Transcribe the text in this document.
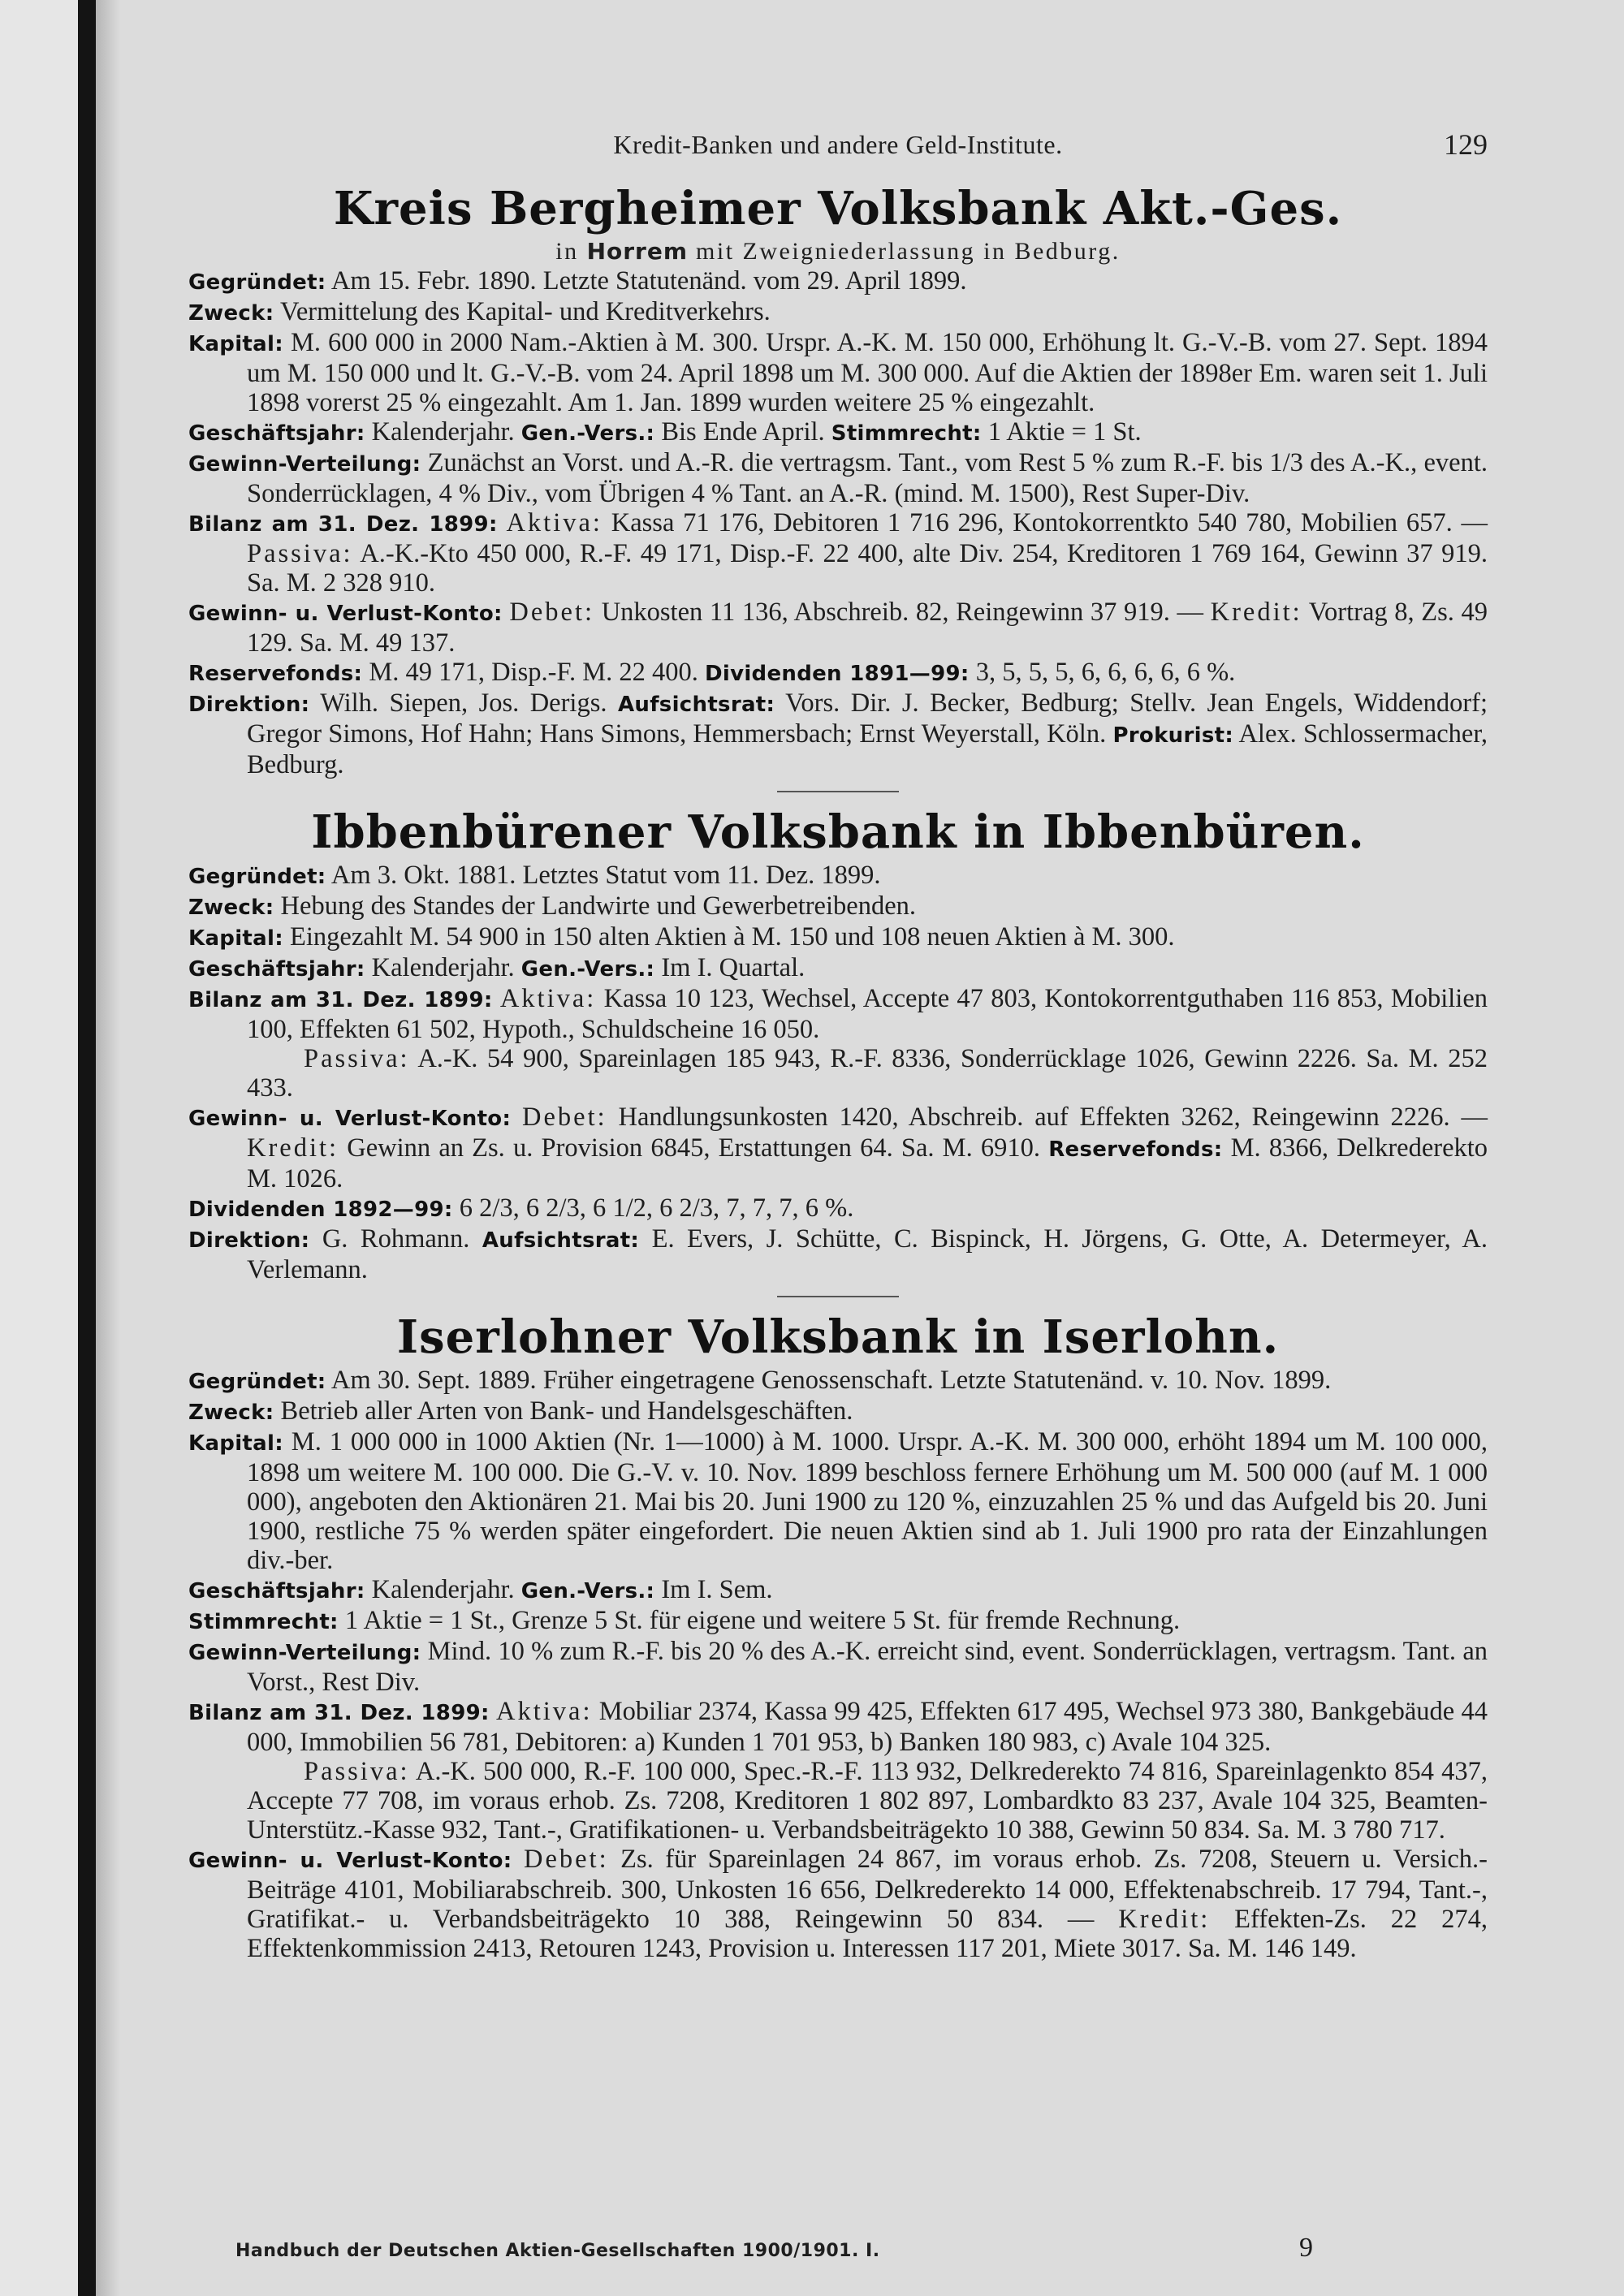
Kredit-Banken und andere Geld-Institute.	129
Kreis Bergheimer Volksbank Akt.-Ges.
in Horrem mit Zweigniederlassung in Bedburg.

Gegründet: Am 15. Febr. 1890. Letzte Statutenänd. vom 29. April 1899.

Zweck: Vermittelung des Kapital- und Kreditverkehrs.

Kapital: M. 600 000 in 2000 Nam.-Aktien à M. 300. Urspr. A.-K. M. 150 000, Erhöhung lt. G.-V.-B. vom 27. Sept. 1894 um M. 150 000 und lt. G.-V.-B. vom 24. April 1898 um M. 300 000. Auf die Aktien der 1898er Em. waren seit 1. Juli 1898 vorerst 25 % eingezahlt. Am 1. Jan. 1899 wurden weitere 25 % eingezahlt.

Geschäftsjahr: Kalenderjahr. Gen.-Vers.: Bis Ende April. Stimmrecht: 1 Aktie = 1 St.

Gewinn-Verteilung: Zunächst an Vorst. und A.-R. die vertragsm. Tant., vom Rest 5 % zum R.-F. bis 1/3 des A.-K., event. Sonderrücklagen, 4 % Div., vom Übrigen 4 % Tant. an A.-R. (mind. M. 1500), Rest Super-Div.

Bilanz am 31. Dez. 1899: Aktiva: Kassa 71 176, Debitoren 1 716 296, Kontokorrentkto 540 780, Mobilien 657. — Passiva: A.-K.-Kto 450 000, R.-F. 49 171, Disp.-F. 22 400, alte Div. 254, Kreditoren 1 769 164, Gewinn 37 919. Sa. M. 2 328 910.

Gewinn- u. Verlust-Konto: Debet: Unkosten 11 136, Abschreib. 82, Reingewinn 37 919. — Kredit: Vortrag 8, Zs. 49 129. Sa. M. 49 137.

Reservefonds: M. 49 171, Disp.-F. M. 22 400. Dividenden 1891—99: 3, 5, 5, 5, 6, 6, 6, 6, 6 %.

Direktion: Wilh. Siepen, Jos. Derigs. Aufsichtsrat: Vors. Dir. J. Becker, Bedburg; Stellv. Jean Engels, Widdendorf; Gregor Simons, Hof Hahn; Hans Simons, Hemmersbach; Ernst Weyerstall, Köln. Prokurist: Alex. Schlossermacher, Bedburg.

Ibbenbürener Volksbank in Ibbenbüren.

Gegründet: Am 3. Okt. 1881. Letztes Statut vom 11. Dez. 1899.

Zweck: Hebung des Standes der Landwirte und Gewerbetreibenden.

Kapital: Eingezahlt M. 54 900 in 150 alten Aktien à M. 150 und 108 neuen Aktien à M. 300.

Geschäftsjahr: Kalenderjahr. Gen.-Vers.: Im I. Quartal.

Bilanz am 31. Dez. 1899: Aktiva: Kassa 10 123, Wechsel, Accepte 47 803, Kontokorrentguthaben 116 853, Mobilien 100, Effekten 61 502, Hypoth., Schuldscheine 16 050.
Passiva: A.-K. 54 900, Spareinlagen 185 943, R.-F. 8336, Sonderrücklage 1026, Gewinn 2226. Sa. M. 252 433.

Gewinn- u. Verlust-Konto: Debet: Handlungsunkosten 1420, Abschreib. auf Effekten 3262, Reingewinn 2226. — Kredit: Gewinn an Zs. u. Provision 6845, Erstattungen 64. Sa. M. 6910. Reservefonds: M. 8366, Delkrederekto M. 1026.

Dividenden 1892—99: 6 2/3, 6 2/3, 6 1/2, 6 2/3, 7, 7, 7, 6 %.

Direktion: G. Rohmann. Aufsichtsrat: E. Evers, J. Schütte, C. Bispinck, H. Jörgens, G. Otte, A. Determeyer, A. Verlemann.

Iserlohner Volksbank in Iserlohn.

Gegründet: Am 30. Sept. 1889. Früher eingetragene Genossenschaft. Letzte Statutenänd. v. 10. Nov. 1899.

Zweck: Betrieb aller Arten von Bank- und Handelsgeschäften.

Kapital: M. 1 000 000 in 1000 Aktien (Nr. 1—1000) à M. 1000. Urspr. A.-K. M. 300 000, erhöht 1894 um M. 100 000, 1898 um weitere M. 100 000. Die G.-V. v. 10. Nov. 1899 beschloss fernere Erhöhung um M. 500 000 (auf M. 1 000 000), angeboten den Aktionären 21. Mai bis 20. Juni 1900 zu 120 %, einzuzahlen 25 % und das Aufgeld bis 20. Juni 1900, restliche 75 % werden später eingefordert. Die neuen Aktien sind ab 1. Juli 1900 pro rata der Einzahlungen div.-ber.

Geschäftsjahr: Kalenderjahr. Gen.-Vers.: Im I. Sem.

Stimmrecht: 1 Aktie = 1 St., Grenze 5 St. für eigene und weitere 5 St. für fremde Rechnung.

Gewinn-Verteilung: Mind. 10 % zum R.-F. bis 20 % des A.-K. erreicht sind, event. Sonderrücklagen, vertragsm. Tant. an Vorst., Rest Div.

Bilanz am 31. Dez. 1899: Aktiva: Mobiliar 2374, Kassa 99 425, Effekten 617 495, Wechsel 973 380, Bankgebäude 44 000, Immobilien 56 781, Debitoren: a) Kunden 1 701 953, b) Banken 180 983, c) Avale 104 325.
Passiva: A.-K. 500 000, R.-F. 100 000, Spec.-R.-F. 113 932, Delkrederekto 74 816, Spareinlagenkto 854 437, Accepte 77 708, im voraus erhob. Zs. 7208, Kreditoren 1 802 897, Lombardkto 83 237, Avale 104 325, Beamten-Unterstütz.-Kasse 932, Tant.-, Gratifikationen- u. Verbandsbeiträgekto 10 388, Gewinn 50 834. Sa. M. 3 780 717.

Gewinn- u. Verlust-Konto: Debet: Zs. für Spareinlagen 24 867, im voraus erhob. Zs. 7208, Steuern u. Versich.-Beiträge 4101, Mobiliarabschreib. 300, Unkosten 16 656, Delkrederekto 14 000, Effektenabschreib. 17 794, Tant.-, Gratifikat.- u. Verbandsbeiträgekto 10 388, Reingewinn 50 834. — Kredit: Effekten-Zs. 22 274, Effektenkommission 2413, Retouren 1243, Provision u. Interessen 117 201, Miete 3017. Sa. M. 146 149.

Handbuch der Deutschen Aktien-Gesellschaften 1900/1901. I.	9
